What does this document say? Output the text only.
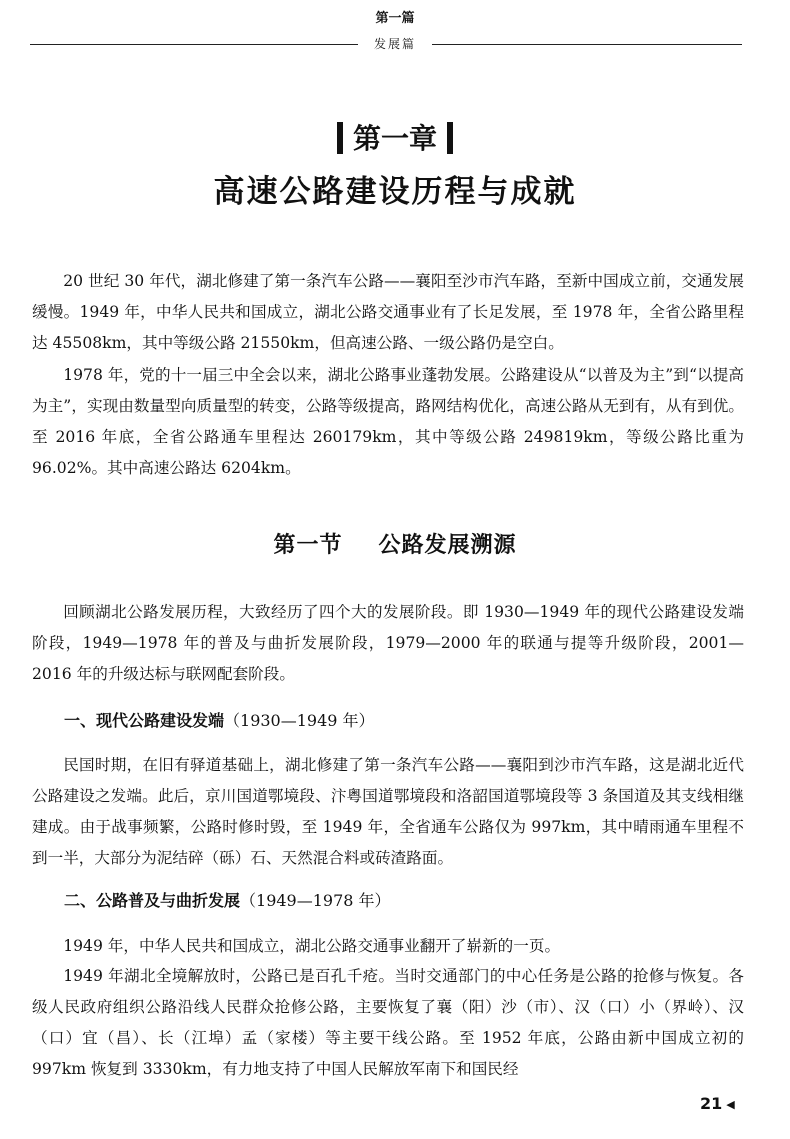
第一篇
发展篇
第一章
高速公路建设历程与成就

20 世纪 30 年代，湖北修建了第一条汽车公路——襄阳至沙市汽车路，至新中国成立前，交通发展缓慢。1949 年，中华人民共和国成立，湖北公路交通事业有了长足发展，至 1978 年，全省公路里程达 45508km，其中等级公路 21550km，但高速公路、一级公路仍是空白。

1978 年，党的十一届三中全会以来，湖北公路事业蓬勃发展。公路建设从“以普及为主”到“以提高为主”，实现由数量型向质量型的转变，公路等级提高，路网结构优化，高速公路从无到有，从有到优。至 2016 年底，全省公路通车里程达 260179km，其中等级公路 249819km，等级公路比重为 96.02%。其中高速公路达 6204km。

第一节 公路发展溯源

回顾湖北公路发展历程，大致经历了四个大的发展阶段。即 1930—1949 年的现代公路建设发端阶段，1949—1978 年的普及与曲折发展阶段，1979—2000 年的联通与提等升级阶段，2001—2016 年的升级达标与联网配套阶段。

一、现代公路建设发端（1930—1949 年）

民国时期，在旧有驿道基础上，湖北修建了第一条汽车公路——襄阳到沙市汽车路，这是湖北近代公路建设之发端。此后，京川国道鄂境段、汴粤国道鄂境段和洛韶国道鄂境段等 3 条国道及其支线相继建成。由于战事频繁，公路时修时毁，至 1949 年，全省通车公路仅为 997km，其中晴雨通车里程不到一半，大部分为泥结碎（砾）石、天然混合料或砖渣路面。

二、公路普及与曲折发展（1949—1978 年）

1949 年，中华人民共和国成立，湖北公路交通事业翻开了崭新的一页。

1949 年湖北全境解放时，公路已是百孔千疮。当时交通部门的中心任务是公路的抢修与恢复。各级人民政府组织公路沿线人民群众抢修公路，主要恢复了襄（阳）沙（市）、汉（口）小（界岭）、汉（口）宜（昌）、长（江埠）孟（家楼）等主要干线公路。至 1952 年底，公路由新中国成立初的 997km 恢复到 3330km，有力地支持了中国人民解放军南下和国民经

21 ◀
